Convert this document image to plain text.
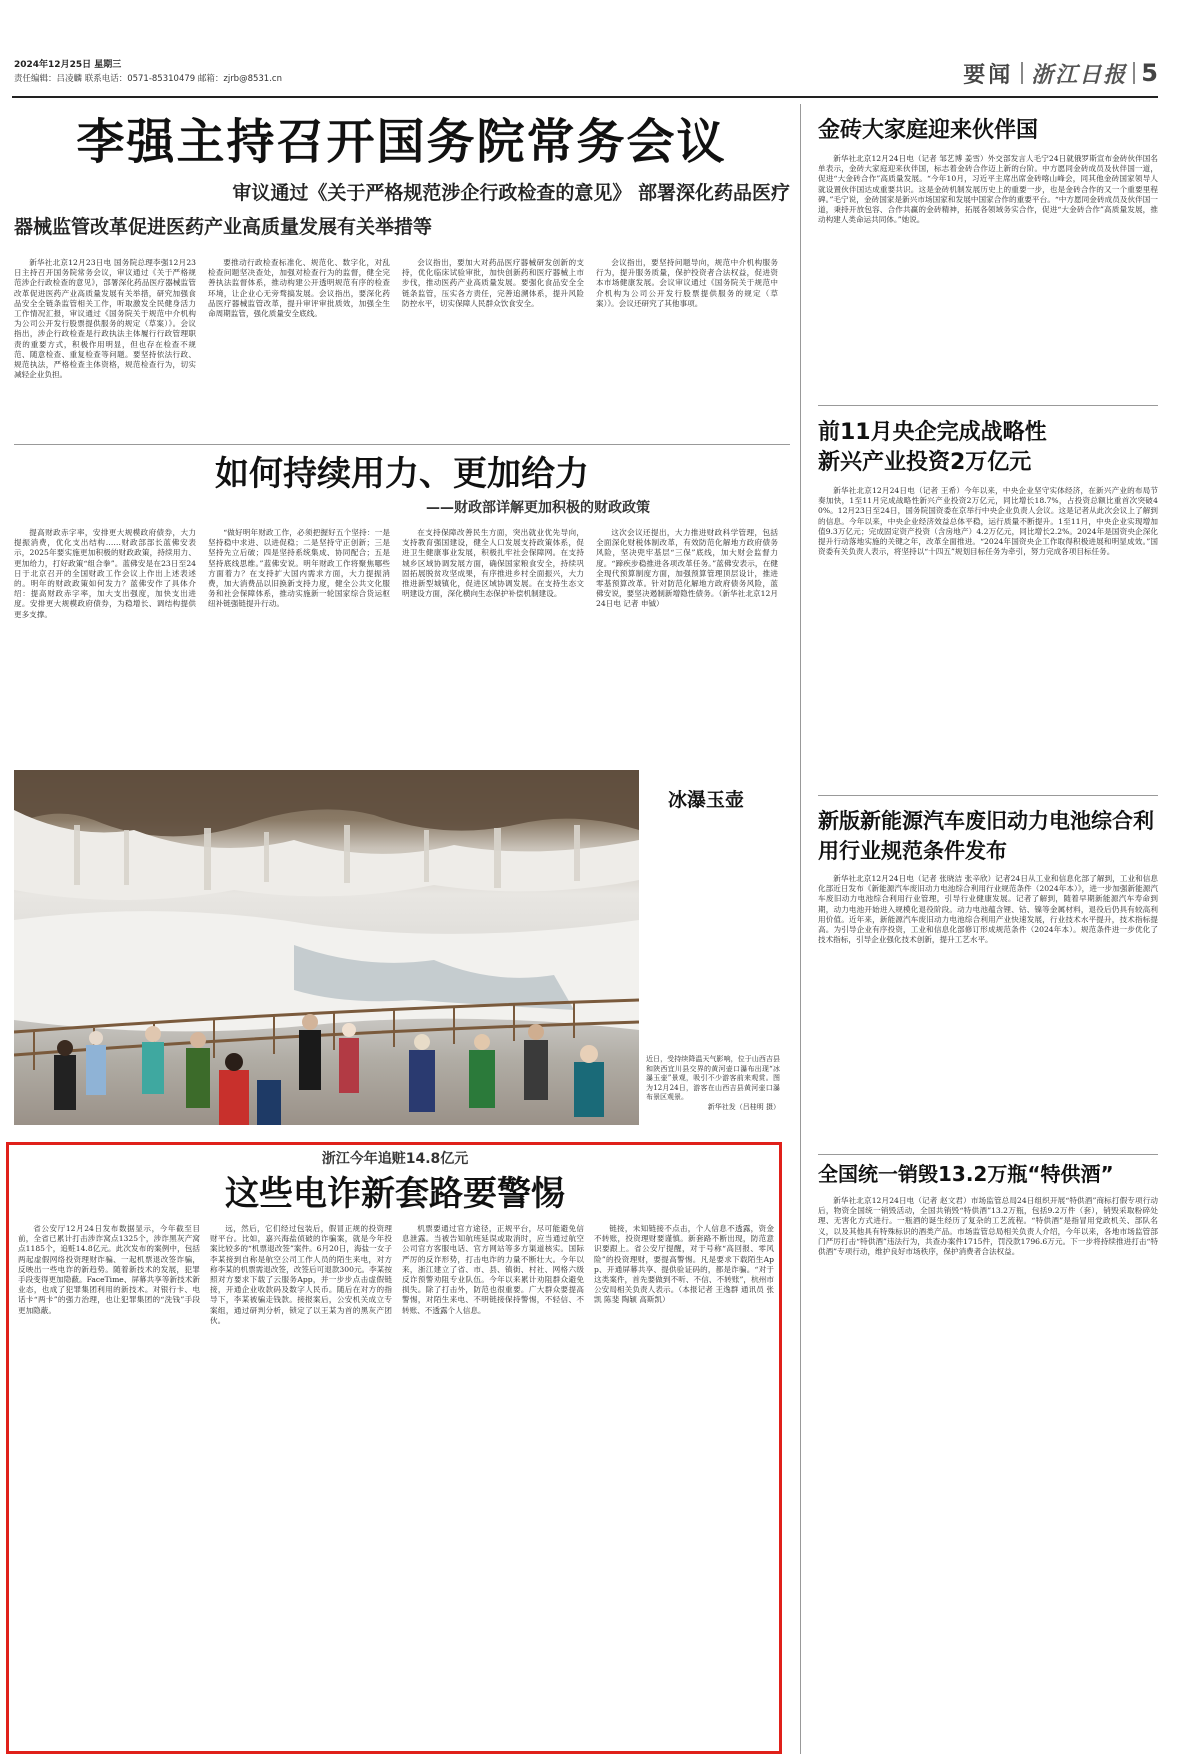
2024年12月25日 星期三
责任编辑：吕凌麟 联系电话：0571-85310479 邮箱：zjrb@8531.cn	要闻 浙江日报 5
李强主持召开国务院常务会议
审议通过《关于严格规范涉企行政检查的意见》 部署深化药品医疗
器械监管改革促进医药产业高质量发展有关举措等

新华社北京12月23日电 国务院总理李强12月23日主持召开国务院常务会议，审议通过《关于严格规范涉企行政检查的意见》，部署深化药品医疗器械监管改革促进医药产业高质量发展有关举措，研究加强食品安全全链条监管相关工作，听取激发全民健身活力工作情况汇报，审议通过《国务院关于规范中介机构为公司公开发行股票提供服务的规定（草案）》。会议指出，涉企行政检查是行政执法主体履行行政管理职责的重要方式，积极作用明显，但也存在检查不规范、随意检查、重复检查等问题。要坚持依法行政、规范执法，严格检查主体资格，规范检查行为，切实减轻企业负担。

要推动行政检查标准化、规范化、数字化，对乱检查问题坚决查处，加强对检查行为的监督，健全完善执法监督体系，推动构建公开透明规范有序的检查环境，让企业心无旁骛搞发展。会议指出，要深化药品医疗器械监管改革，提升审评审批质效，加强全生命周期监管，强化质量安全底线。

会议指出，要加大对药品医疗器械研发创新的支持，优化临床试验审批，加快创新药和医疗器械上市步伐，推动医药产业高质量发展。要强化食品安全全链条监管，压实各方责任，完善追溯体系，提升风险防控水平，切实保障人民群众饮食安全。

会议指出，要坚持问题导向，规范中介机构服务行为，提升服务质量，保护投资者合法权益，促进资本市场健康发展。会议审议通过《国务院关于规范中介机构为公司公开发行股票提供服务的规定（草案）》。会议还研究了其他事项。

如何持续用力、更加给力
——财政部详解更加积极的财政政策

提高财政赤字率，安排更大规模政府债券，大力提振消费，优化支出结构……财政部部长蓝佛安表示，2025年要实施更加积极的财政政策，持续用力、更加给力，打好政策“组合拳”。蓝佛安是在23日至24日于北京召开的全国财政工作会议上作出上述表述的。明年的财政政策如何发力？蓝佛安作了具体介绍：提高财政赤字率，加大支出强度，加快支出进度。安排更大规模政府债券，为稳增长、调结构提供更多支撑。

“做好明年财政工作，必须把握好五个坚持：一是坚持稳中求进、以进促稳；二是坚持守正创新；三是坚持先立后破；四是坚持系统集成、协同配合；五是坚持底线思维。”蓝佛安说。明年财政工作将聚焦哪些方面着力？在支持扩大国内需求方面，大力提振消费，加大消费品以旧换新支持力度，健全公共文化服务和社会保障体系，推动实施新一轮国家综合货运枢纽补链强链提升行动。

在支持保障改善民生方面，突出就业优先导向，支持教育强国建设，健全人口发展支持政策体系，促进卫生健康事业发展，积极扎牢社会保障网。在支持城乡区域协调发展方面，确保国家粮食安全，持续巩固拓展脱贫攻坚成果，有序推进乡村全面振兴，大力推进新型城镇化，促进区域协调发展。在支持生态文明建设方面，深化横向生态保护补偿机制建设。

这次会议还提出，大力推进财政科学管理，包括全面深化财税体制改革，有效防范化解地方政府债务风险，坚决兜牢基层“三保”底线，加大财会监督力度。“蹄疾步稳推进各项改革任务。”蓝佛安表示，在健全现代预算制度方面，加强预算管理顶层设计，推进零基预算改革。针对防范化解地方政府债务风险，蓝佛安说，要坚决遏制新增隐性债务。（新华社北京12月24日电 记者 申铖）

冰瀑玉壶
近日，受持续降温天气影响，位于山西吉县和陕西宜川县交界的黄河壶口瀑布出现“冰瀑玉壶”景观，吸引不少游客前来观赏。图为12月24日，游客在山西吉县黄河壶口瀑布景区观景。

新华社发（吕桂明 摄）
浙江今年追赃14.8亿元
这些电诈新套路要警惕

省公安厅12月24日发布数据显示，今年截至目前，全省已累计打击涉诈窝点1325个，涉诈黑灰产窝点1185个，追赃14.8亿元。此次发布的案例中，包括两起虚假网络投资理财诈骗、一起机票退改签诈骗，反映出一些电诈的新趋势。随着新技术的发展，犯罪手段变得更加隐蔽。FaceTime、屏幕共享等新技术新业态，也成了犯罪集团利用的新技术。对银行卡、电话卡“两卡”的强力治理，也让犯罪集团的“洗钱”手段更加隐蔽。

远，然后，它们经过包装后，假冒正规的投资理财平台。比如，嘉兴海盐侦破的诈骗案，就是今年投案比较多的“机票退改签”案件。6月20日，海盐一女子李某接到自称是航空公司工作人员的陌生来电，对方称李某的机票需退改签，改签后可退款300元。李某按照对方要求下载了云服务App，并一步步点击虚假链接，开通企业收款码及数字人民币。随后在对方的指导下，李某被骗走钱款。接报案后，公安机关成立专案组，通过研判分析，锁定了以王某为首的黑灰产团伙。

机票要通过官方途径，正规平台，尽可能避免信息泄露。当被告知航班延误或取消时，应当通过航空公司官方客服电话、官方网站等多方渠道核实。国际严厉的反诈形势，打击电诈的力量不断壮大。今年以来，浙江建立了省、市、县、镇街、村社、网格六级反诈预警劝阻专业队伍。今年以来累计劝阻群众避免损失。除了打击外，防范也很重要。广大群众要提高警惕，对陌生来电、不明链接保持警惕，不轻信、不转账、不透露个人信息。

链接，未知链接不点击，个人信息不透露，资金不转账，投资理财要谨慎。新套路不断出现，防范意识要跟上。省公安厅提醒，对于号称“高回报、零风险”的投资理财，要提高警惕。凡是要求下载陌生App、开通屏幕共享、提供验证码的，都是诈骗。“对于这类案件，首先要做到不听、不信、不转账”，杭州市公安局相关负责人表示。（本报记者 王逸群 通讯员 张凯 陈斐 陶颖 高斯凯）

金砖大家庭迎来伙伴国

新华社北京12月24日电（记者 邹艺博 姜雪）外交部发言人毛宁24日就俄罗斯宣布金砖伙伴国名单表示，金砖大家庭迎来伙伴国，标志着金砖合作迈上新的台阶。中方愿同金砖成员及伙伴国一道，促进“大金砖合作”高质量发展。“今年10月，习近平主席出席金砖喀山峰会，同其他金砖国家领导人就设置伙伴国达成重要共识。这是金砖机制发展历史上的重要一步，也是金砖合作的又一个重要里程碑。”毛宁说，金砖国家是新兴市场国家和发展中国家合作的重要平台。“中方愿同金砖成员及伙伴国一道，秉持开放包容、合作共赢的金砖精神，拓展各领域务实合作，促进“大金砖合作”高质量发展，推动构建人类命运共同体。”她说。

前11月央企完成战略性新兴产业投资2万亿元

新华社北京12月24日电（记者 王希）今年以来，中央企业坚守实体经济，在新兴产业的布局节奏加快，1至11月完成战略性新兴产业投资2万亿元，同比增长18.7%，占投资总额比重首次突破40%。12月23日至24日，国务院国资委在京举行中央企业负责人会议。这是记者从此次会议上了解到的信息。今年以来，中央企业经济效益总体平稳，运行质量不断提升。1至11月，中央企业实现增加值9.3万亿元；完成固定资产投资（含房地产）4.2万亿元，同比增长2.2%。2024年是国资央企深化提升行动落地实施的关键之年，改革全面推进。“2024年国资央企工作取得积极进展和明显成效。”国资委有关负责人表示，将坚持以“十四五”规划目标任务为牵引，努力完成各项目标任务。

新版新能源汽车废旧动力电池综合利用行业规范条件发布

新华社北京12月24日电（记者 张晓洁 张辛欣）记者24日从工业和信息化部了解到，工业和信息化部近日发布《新能源汽车废旧动力电池综合利用行业规范条件（2024年本）》，进一步加强新能源汽车废旧动力电池综合利用行业管理，引导行业健康发展。记者了解到，随着早期新能源汽车寿命到期，动力电池开始进入规模化退役阶段。动力电池蕴含锂、钴、镍等金属材料，退役后仍具有较高利用价值。近年来，新能源汽车废旧动力电池综合利用产业快速发展，行业技术水平提升，技术指标提高。为引导企业有序投资，工业和信息化部修订形成规范条件（2024年本）。规范条件进一步优化了技术指标，引导企业强化技术创新，提升工艺水平。

全国统一销毁13.2万瓶“特供酒”

新华社北京12月24日电（记者 赵文君）市场监管总局24日组织开展“特供酒”商标打假专项行动后，物资全国统一销毁活动，全国共销毁“特供酒”13.2万瓶，包括9.2万件（套），销毁采取粉碎处理、无害化方式进行。一瓶酒的诞生经历了复杂的工艺流程。“特供酒”是指冒用党政机关、部队名义，以及其他具有特殊标识的酒类产品。市场监管总局相关负责人介绍，今年以来，各地市场监管部门严厉打击“特供酒”违法行为，共查办案件1715件，罚没款1796.6万元。下一步将持续推进打击“特供酒”专项行动，维护良好市场秩序，保护消费者合法权益。
